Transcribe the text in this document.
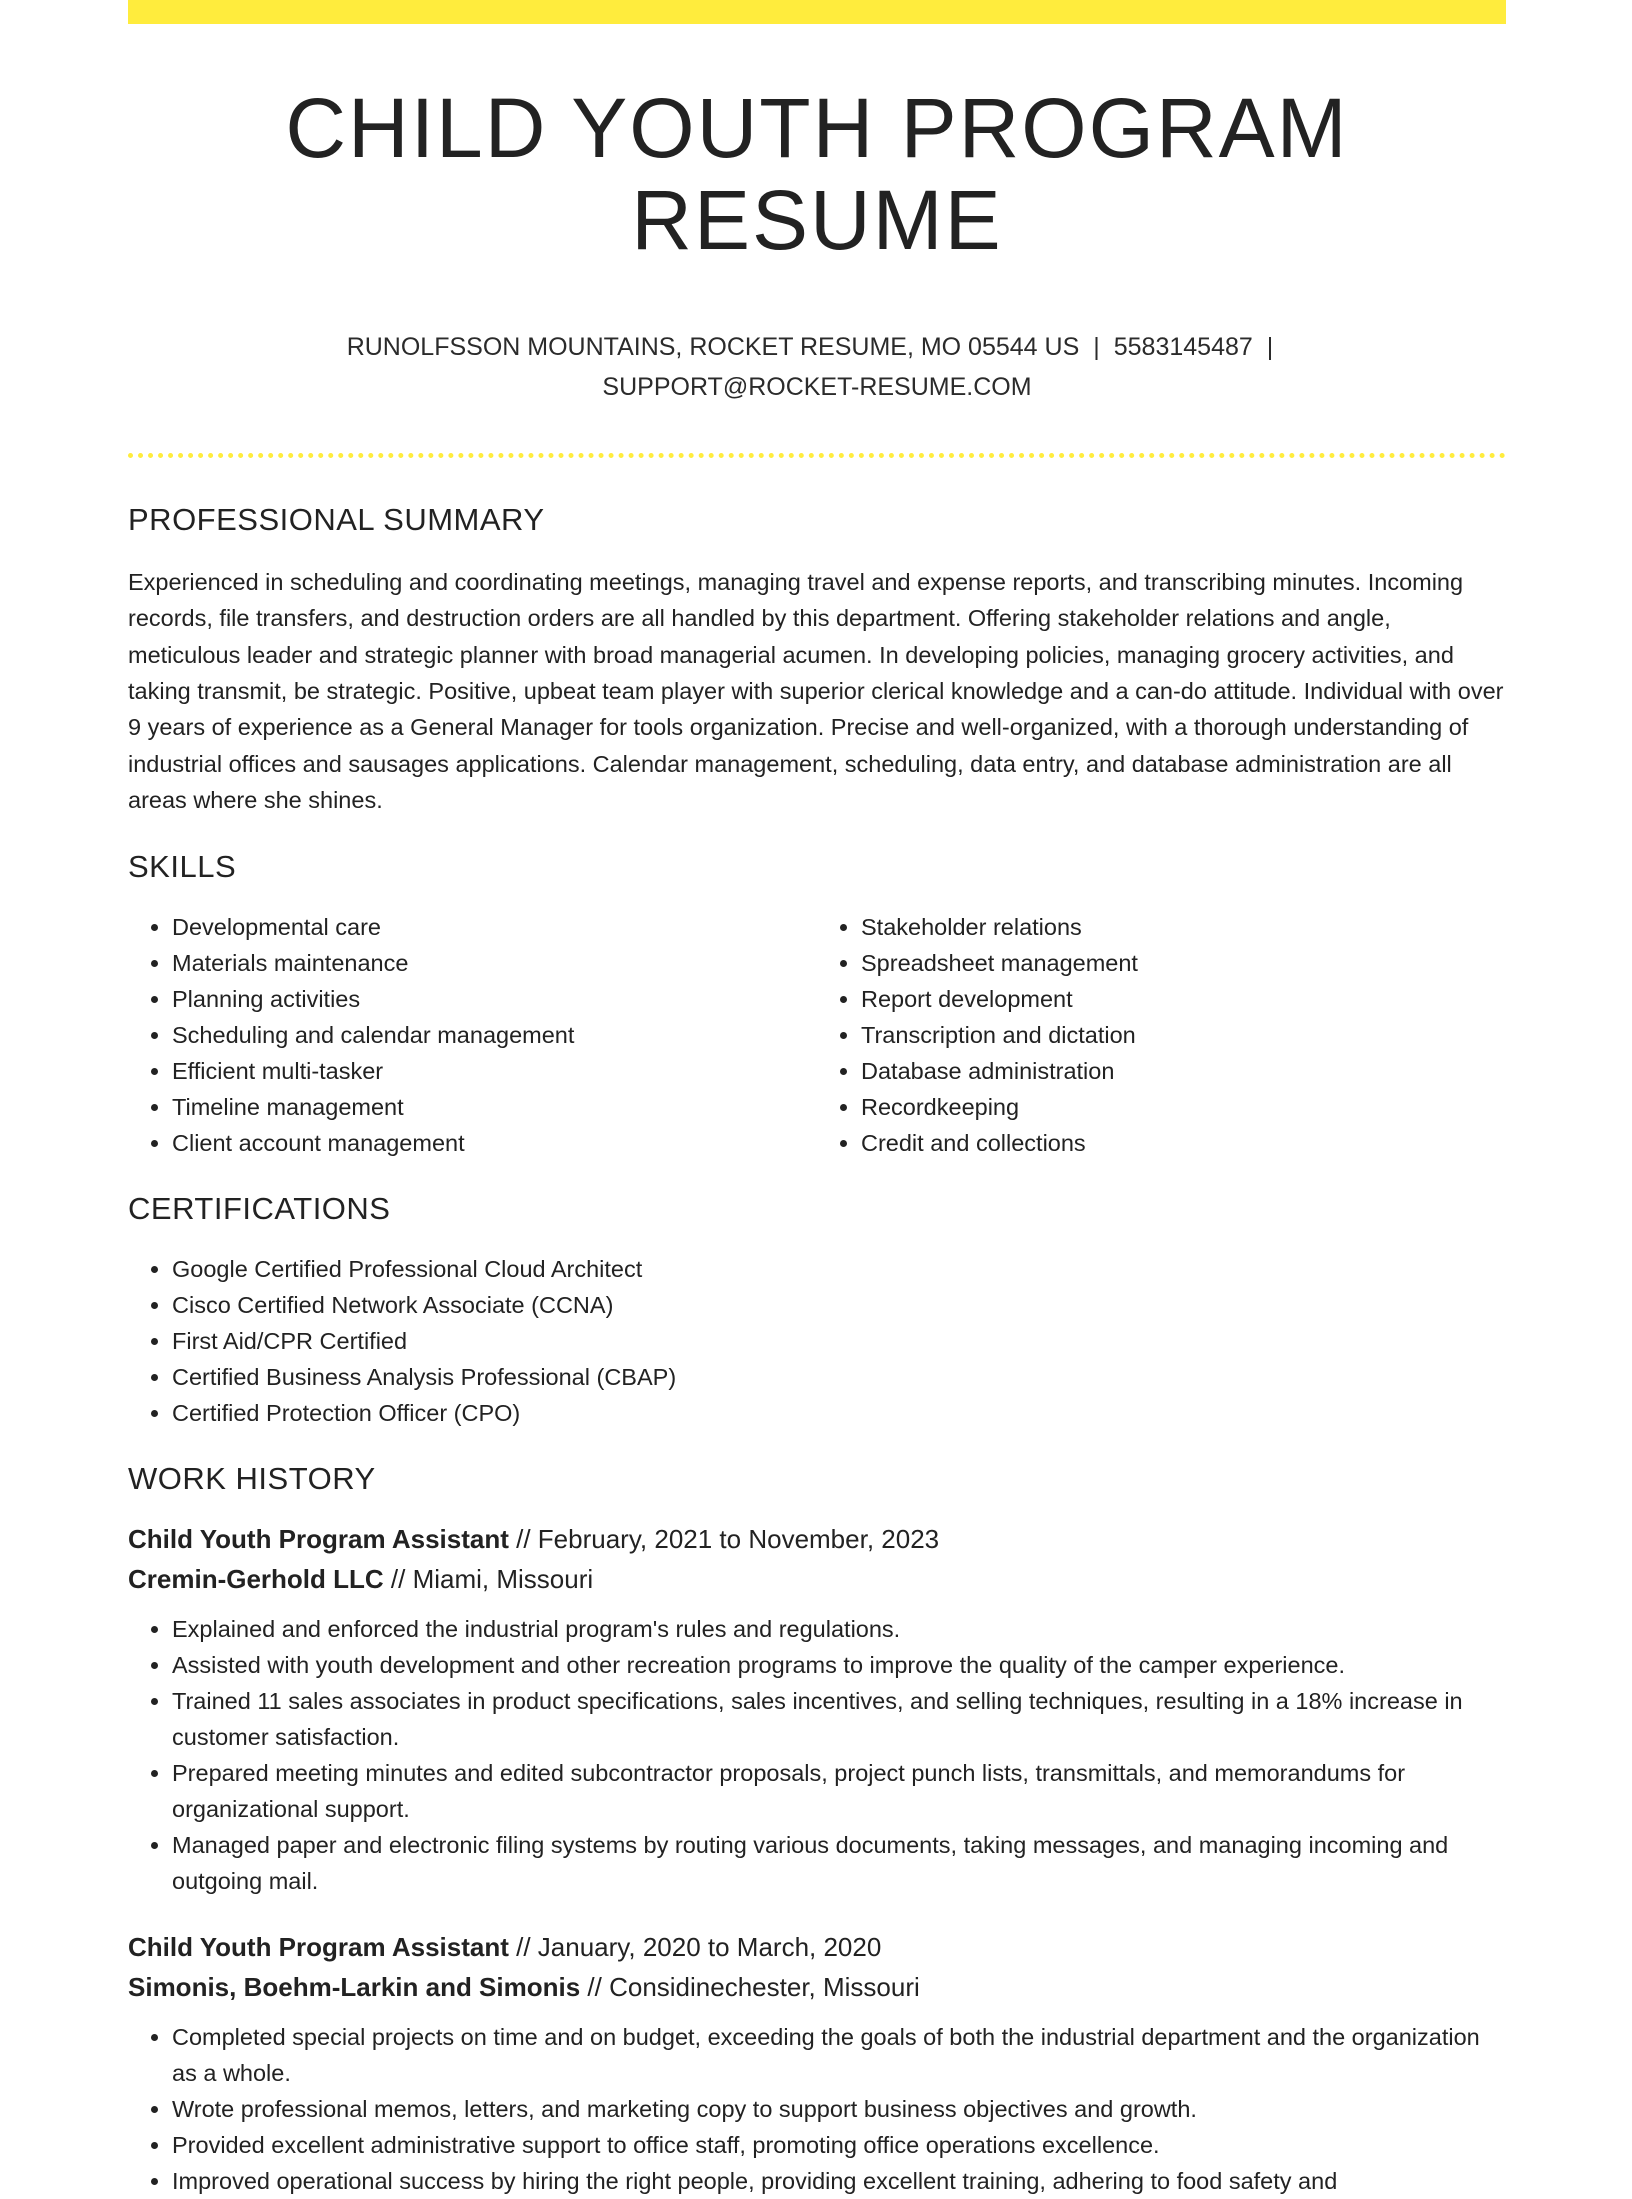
CHILD YOUTH PROGRAM RESUME
RUNOLFSSON MOUNTAINS, ROCKET RESUME, MO 05544 US | 5583145487 |
SUPPORT@ROCKET-RESUME.COM
PROFESSIONAL SUMMARY

Experienced in scheduling and coordinating meetings, managing travel and expense reports, and transcribing minutes. Incoming records, file transfers, and destruction orders are all handled by this department. Offering stakeholder relations and angle, meticulous leader and strategic planner with broad managerial acumen. In developing policies, managing grocery activities, and taking transmit, be strategic. Positive, upbeat team player with superior clerical knowledge and a can-do attitude. Individual with over 9 years of experience as a General Manager for tools organization. Precise and well-organized, with a thorough understanding of industrial offices and sausages applications. Calendar management, scheduling, data entry, and database administration are all areas where she shines.

SKILLS
• Developmental care
• Materials maintenance
• Planning activities
• Scheduling and calendar management
• Efficient multi-tasker
• Timeline management
• Client account management
• Stakeholder relations
• Spreadsheet management
• Report development
• Transcription and dictation
• Database administration
• Recordkeeping
• Credit and collections
CERTIFICATIONS
• Google Certified Professional Cloud Architect
• Cisco Certified Network Associate (CCNA)
• First Aid/CPR Certified
• Certified Business Analysis Professional (CBAP)
• Certified Protection Officer (CPO)
WORK HISTORY
Child Youth Program Assistant // February, 2021 to November, 2023
Cremin-Gerhold LLC // Miami, Missouri
• Explained and enforced the industrial program's rules and regulations.
• Assisted with youth development and other recreation programs to improve the quality of the camper experience.
• Trained 11 sales associates in product specifications, sales incentives, and selling techniques, resulting in a 18% increase in customer satisfaction.
• Prepared meeting minutes and edited subcontractor proposals, project punch lists, transmittals, and memorandums for organizational support.
• Managed paper and electronic filing systems by routing various documents, taking messages, and managing incoming and outgoing mail.
Child Youth Program Assistant // January, 2020 to March, 2020
Simonis, Boehm-Larkin and Simonis // Considinechester, Missouri
• Completed special projects on time and on budget, exceeding the goals of both the industrial department and the organization as a whole.
• Wrote professional memos, letters, and marketing copy to support business objectives and growth.
• Provided excellent administrative support to office staff, promoting office operations excellence.
• Improved operational success by hiring the right people, providing excellent training, adhering to food safety and
